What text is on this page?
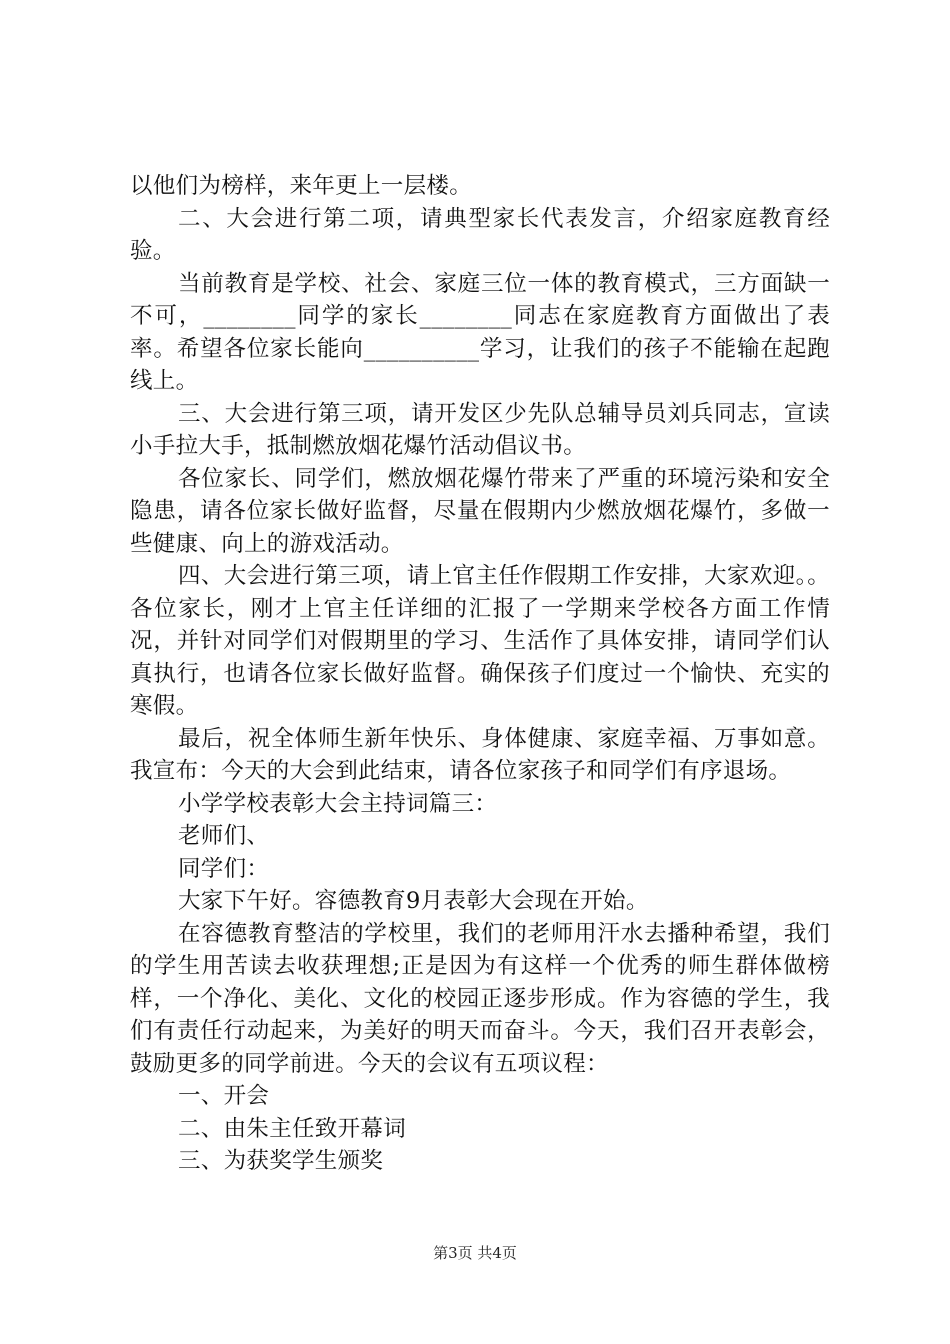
以他们为榜样，来年更上一层楼。

二、大会进行第二项，请典型家长代表发言，介绍家庭教育经验。

当前教育是学校、社会、家庭三位一体的教育模式，三方面缺一不可，________同学的家长________同志在家庭教育方面做出了表率。希望各位家长能向__________学习，让我们的孩子不能输在起跑线上。

三、大会进行第三项，请开发区少先队总辅导员刘兵同志，宣读小手拉大手，抵制燃放烟花爆竹活动倡议书。

各位家长、同学们，燃放烟花爆竹带来了严重的环境污染和安全隐患，请各位家长做好监督，尽量在假期内少燃放烟花爆竹，多做一些健康、向上的游戏活动。

四、大会进行第三项，请上官主任作假期工作安排，大家欢迎。。各位家长，刚才上官主任详细的汇报了一学期来学校各方面工作情况，并针对同学们对假期里的学习、生活作了具体安排，请同学们认真执行，也请各位家长做好监督。确保孩子们度过一个愉快、充实的寒假。

最后，祝全体师生新年快乐、身体健康、家庭幸福、万事如意。我宣布：今天的大会到此结束，请各位家孩子和同学们有序退场。

小学学校表彰大会主持词篇三：

老师们、

同学们：

大家下午好。容德教育9月表彰大会现在开始。

在容德教育整洁的学校里，我们的老师用汗水去播种希望，我们的学生用苦读去收获理想;正是因为有这样一个优秀的师生群体做榜样，一个净化、美化、文化的校园正逐步形成。作为容德的学生，我们有责任行动起来，为美好的明天而奋斗。今天，我们召开表彰会，鼓励更多的同学前进。今天的会议有五项议程：

一、开会

二、由朱主任致开幕词

三、为获奖学生颁奖

第3页 共4页
